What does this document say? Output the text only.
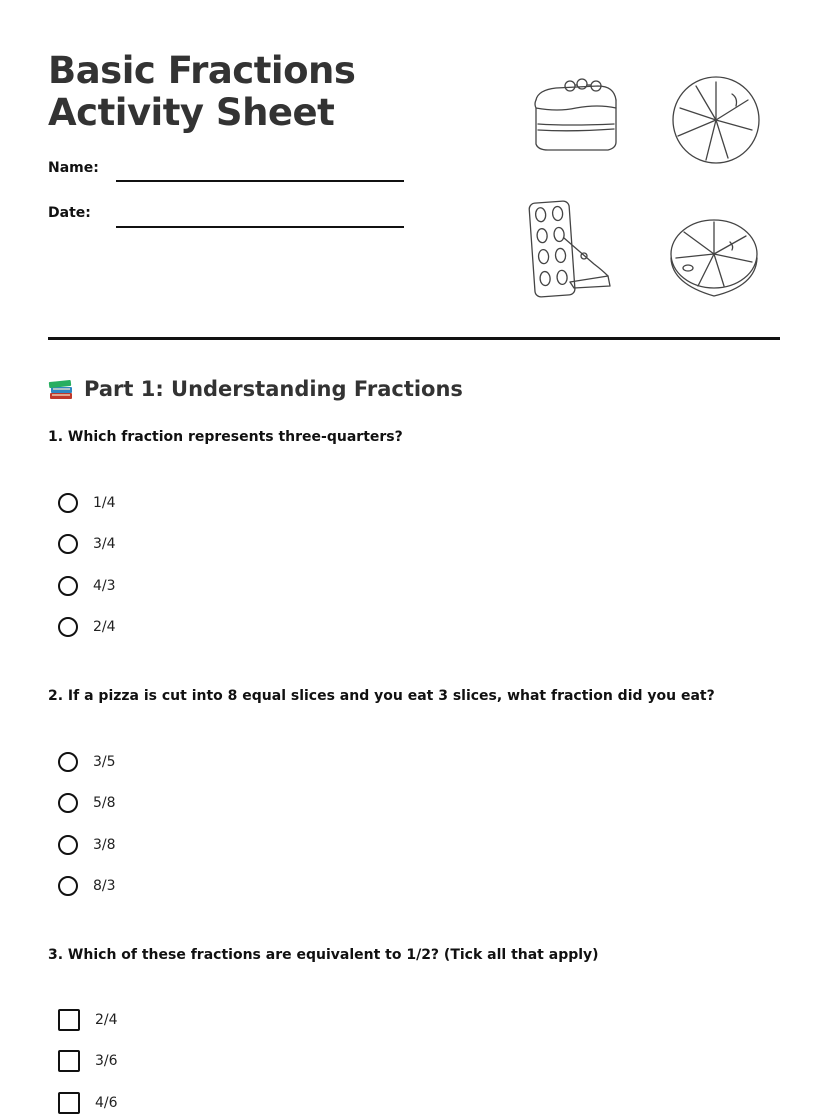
Basic Fractions Activity Sheet
Name:
Date:
Part 1: Understanding Fractions
1. Which fraction represents three-quarters?
1/4
3/4
4/3
2/4
2. If a pizza is cut into 8 equal slices and you eat 3 slices, what fraction did you eat?
3/5
5/8
3/8
8/3
3. Which of these fractions are equivalent to 1/2? (Tick all that apply)
2/4
3/6
4/6
